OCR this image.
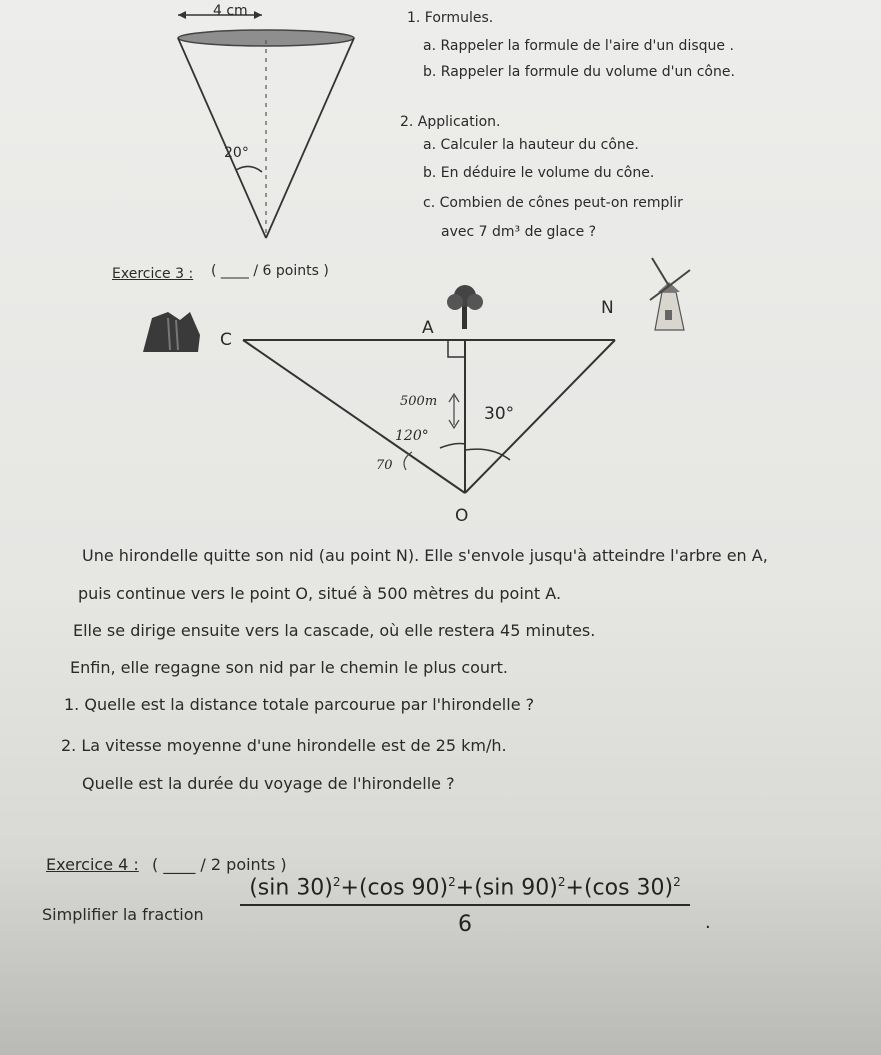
4 cm
20°
1. Formules.
a. Rappeler la formule de l'aire d'un disque .
b. Rappeler la formule du volume d'un cône.
2. Application.
a. Calculer la hauteur du cône.
b. En déduire le volume du cône.
c. Combien de cônes peut-on remplir
avec 7 dm³ de glace ?
Exercice 3 : ( ____ / 6 points )
C
A
N
O
500m
120°
70
30°
Une hirondelle quitte son nid (au point N). Elle s'envole jusqu'à atteindre l'arbre en A,
puis continue vers le point O, situé à 500 mètres du point A.
Elle se dirige ensuite vers la cascade, où elle restera 45 minutes.
Enfin, elle regagne son nid par le chemin le plus court.
1. Quelle est la distance totale parcourue par l'hirondelle ?
2. La vitesse moyenne d'une hirondelle est de 25 km/h.
Quelle est la durée du voyage de l'hirondelle ?
Exercice 4 : ( ____ / 2 points )
Simplifier la fraction $\frac{(\sin 30)^2+(\cos 90)^2+(\sin 90)^2+(\cos 30)^2}{6}$ .
